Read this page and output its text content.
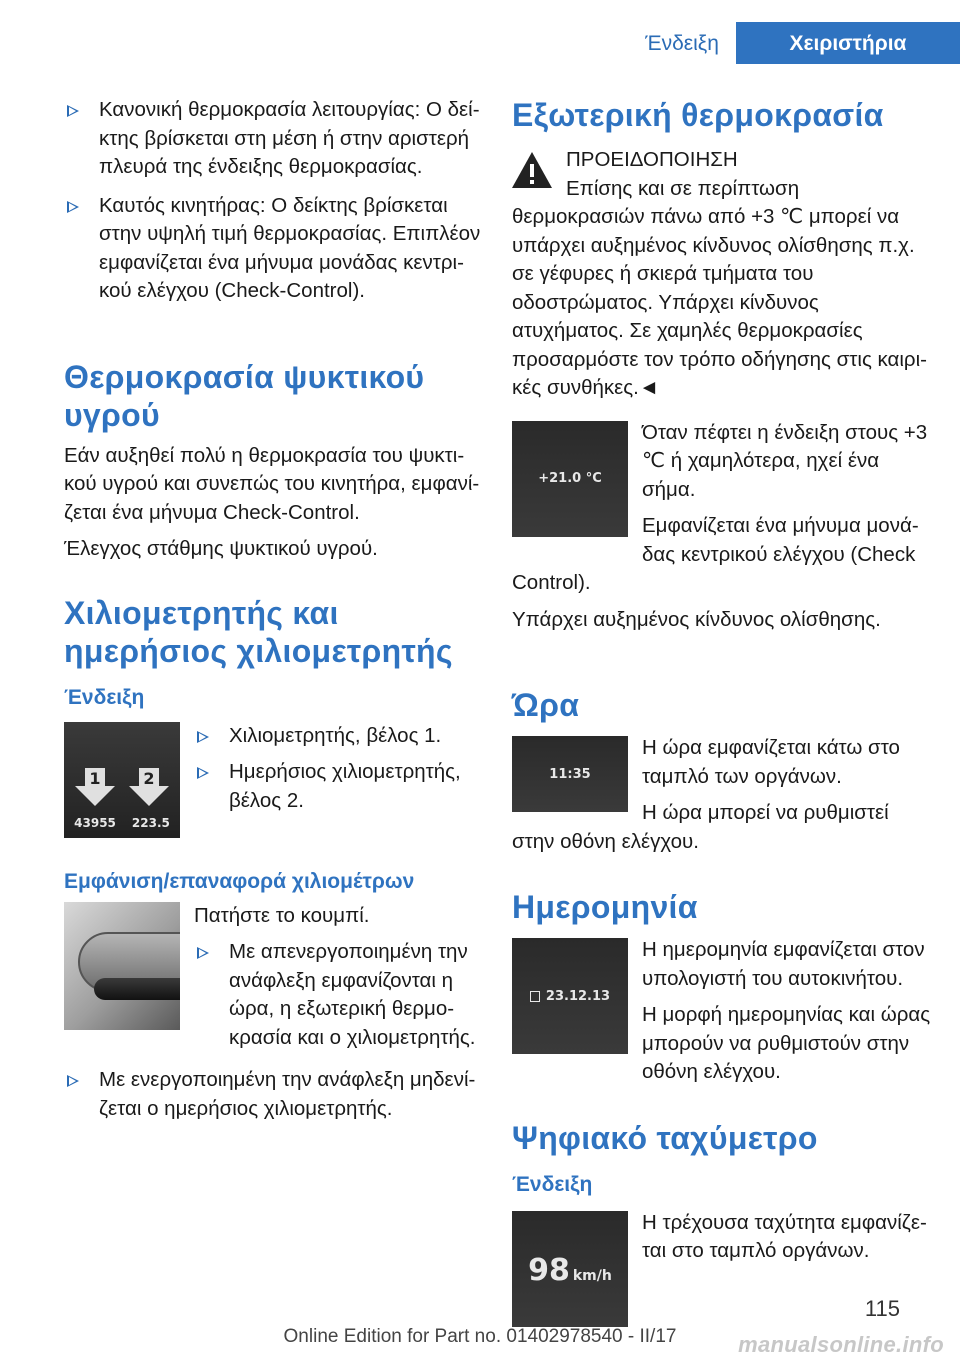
Ένδειξη	Χειριστήρια
Κανονική θερμοκρασία λειτουργίας: Ο δείκτης βρίσκεται στη μέση ή στην αριστερή πλευρά της ένδειξης θερμοκρασίας.
Καυτός κινητήρας: Ο δείκτης βρίσκεται στην υψηλή τιμή θερμοκρασίας. Επιπλέον εμφανίζεται ένα μήνυμα μονάδας κεντρικού ελέγχου (Check-Control).
Θερμοκρασία ψυκτικού υγρού
Εάν αυξηθεί πολύ η θερμοκρασία του ψυκτικού υγρού και συνεπώς του κινητήρα, εμφανίζεται ένα μήνυμα Check-Control.
Έλεγχος στάθμης ψυκτικού υγρού.
Χιλιομετρητής και ημερήσιος χιλιομετρητής
Ένδειξη
1	2
43955 223.5
Χιλιομετρητής, βέλος 1.
Ημερήσιος χιλιομετρητής, βέλος 2.
Εμφάνιση/επαναφορά χιλιομέτρων
Πατήστε το κουμπί.
Με απενεργοποιημένη την ανάφλεξη εμφανίζονται η ώρα, η εξωτερική θερμοκρασία και ο χιλιομετρητής.
Με ενεργοποιημένη την ανάφλεξη μηδενίζεται ο ημερήσιος χιλιομετρητής.
Εξωτερική θερμοκρασία
ΠΡΟΕΙΔΟΠΟΙΗΣΗ
Επίσης και σε περίπτωση θερμοκρασιών πάνω από +3 ℃ μπορεί να υπάρχει αυξημένος κίνδυνος ολίσθησης π.χ. σε γέφυρες ή σκιερά τμήματα του οδοστρώματος. Υπάρχει κίνδυνος ατυχήματος. Σε χαμηλές θερμοκρασίες προσαρμόστε τον τρόπο οδήγησης στις καιρικές συνθήκες.◄
+21.0 °C
Όταν πέφτει η ένδειξη στους +3 ℃ ή χαμηλότερα, ηχεί ένα σήμα.
Εμφανίζεται ένα μήνυμα μονάδας κεντρικού ελέγχου (Check Control).
Υπάρχει αυξημένος κίνδυνος ολίσθησης.
Ώρα
11:35
Η ώρα εμφανίζεται κάτω στο ταμπλό των οργάνων.
Η ώρα μπορεί να ρυθμιστεί στην οθόνη ελέγχου.
Ημερομηνία
23.12.13
Η ημερομηνία εμφανίζεται στον υπολογιστή του αυτοκινήτου.
Η μορφή ημερομηνίας και ώρας μπορούν να ρυθμιστούν στην οθόνη ελέγχου.
Ψηφιακό ταχύμετρο
Ένδειξη
98 km/h
Η τρέχουσα ταχύτητα εμφανίζεται στο ταμπλό οργάνων.
115
Online Edition for Part no. 01402978540 - II/17	manualsonline.info
